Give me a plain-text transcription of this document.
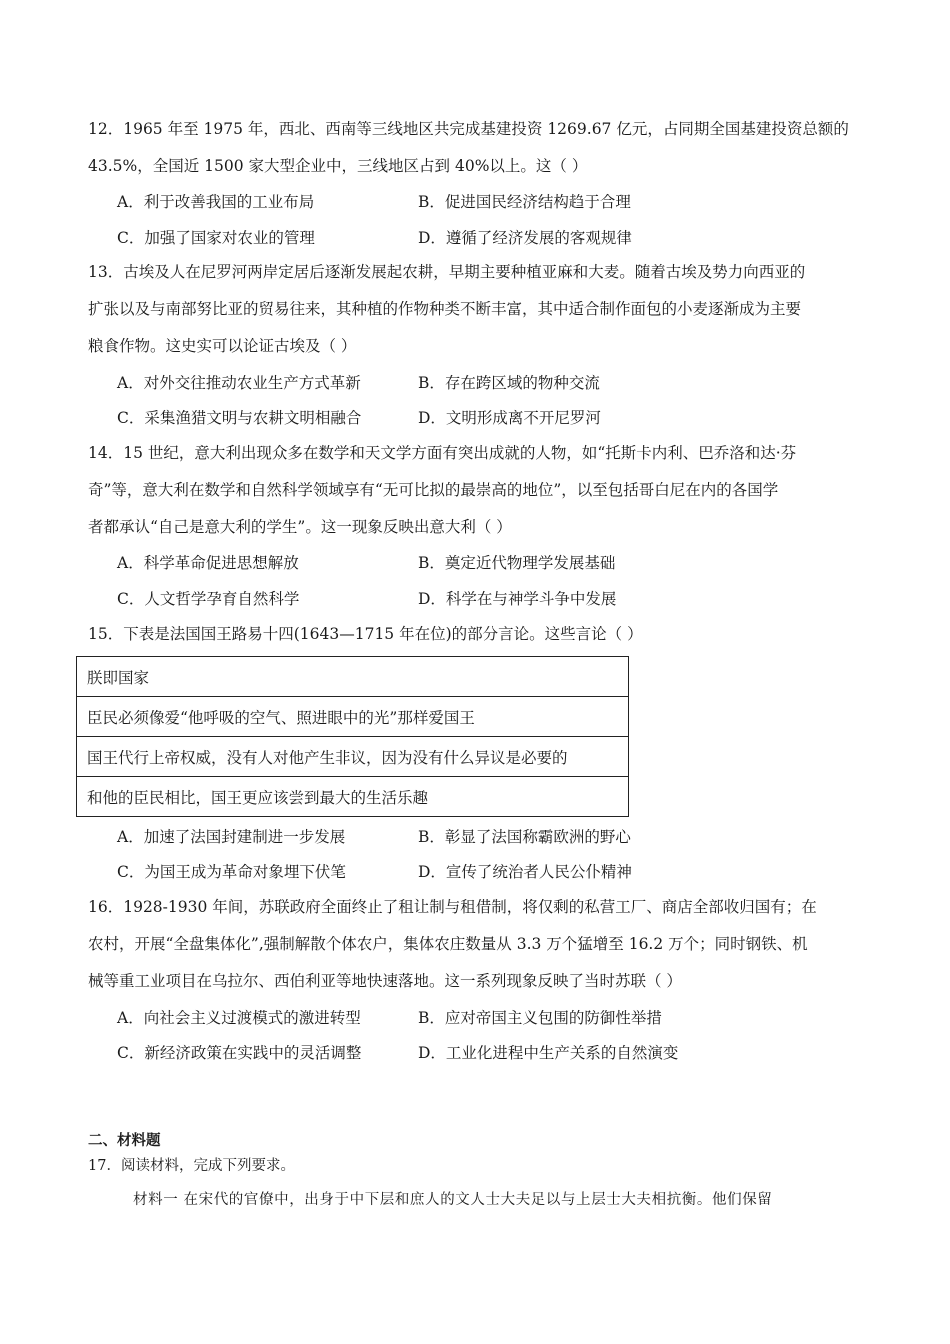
12．1965 年至 1975 年，西北、西南等三线地区共完成基建投资 1269.67 亿元，占同期全国基建投资总额的
43.5%，全国近 1500 家大型企业中，三线地区占到 40%以上。这（ ）
A．利于改善我国的工业布局	B．促进国民经济结构趋于合理
C．加强了国家对农业的管理	D．遵循了经济发展的客观规律
13．古埃及人在尼罗河两岸定居后逐渐发展起农耕，早期主要种植亚麻和大麦。随着古埃及势力向西亚的
扩张以及与南部努比亚的贸易往来，其种植的作物种类不断丰富，其中适合制作面包的小麦逐渐成为主要
粮食作物。这史实可以论证古埃及（ ）
A．对外交往推动农业生产方式革新	B．存在跨区域的物种交流
C．采集渔猎文明与农耕文明相融合	D．文明形成离不开尼罗河
14．15 世纪，意大利出现众多在数学和天文学方面有突出成就的人物，如“托斯卡内利、巴乔洛和达·芬
奇”等，意大利在数学和自然科学领域享有“无可比拟的最崇高的地位”，以至包括哥白尼在内的各国学
者都承认“自己是意大利的学生”。这一现象反映出意大利（ ）
A．科学革命促进思想解放	B．奠定近代物理学发展基础
C．人文哲学孕育自然科学	D．科学在与神学斗争中发展
15．下表是法国国王路易十四(1643—1715 年在位)的部分言论。这些言论（ ）
朕即国家
臣民必须像爱“他呼吸的空气、照进眼中的光”那样爱国王
国王代行上帝权威，没有人对他产生非议，因为没有什么异议是必要的
和他的臣民相比，国王更应该尝到最大的生活乐趣
A．加速了法国封建制进一步发展	B．彰显了法国称霸欧洲的野心
C．为国王成为革命对象埋下伏笔	D．宣传了统治者人民公仆精神
16．1928-1930 年间，苏联政府全面终止了租让制与租借制，将仅剩的私营工厂、商店全部收归国有；在
农村，开展“全盘集体化”,强制解散个体农户，集体农庄数量从 3.3 万个猛增至 16.2 万个；同时钢铁、机
械等重工业项目在乌拉尔、西伯利亚等地快速落地。这一系列现象反映了当时苏联（ ）
A．向社会主义过渡模式的激进转型	B．应对帝国主义包围的防御性举措
C．新经济政策在实践中的灵活调整	D．工业化进程中生产关系的自然演变
二、材料题
17．阅读材料，完成下列要求。
材料一 在宋代的官僚中，出身于中下层和庶人的文人士大夫足以与上层士大夫相抗衡。他们保留
